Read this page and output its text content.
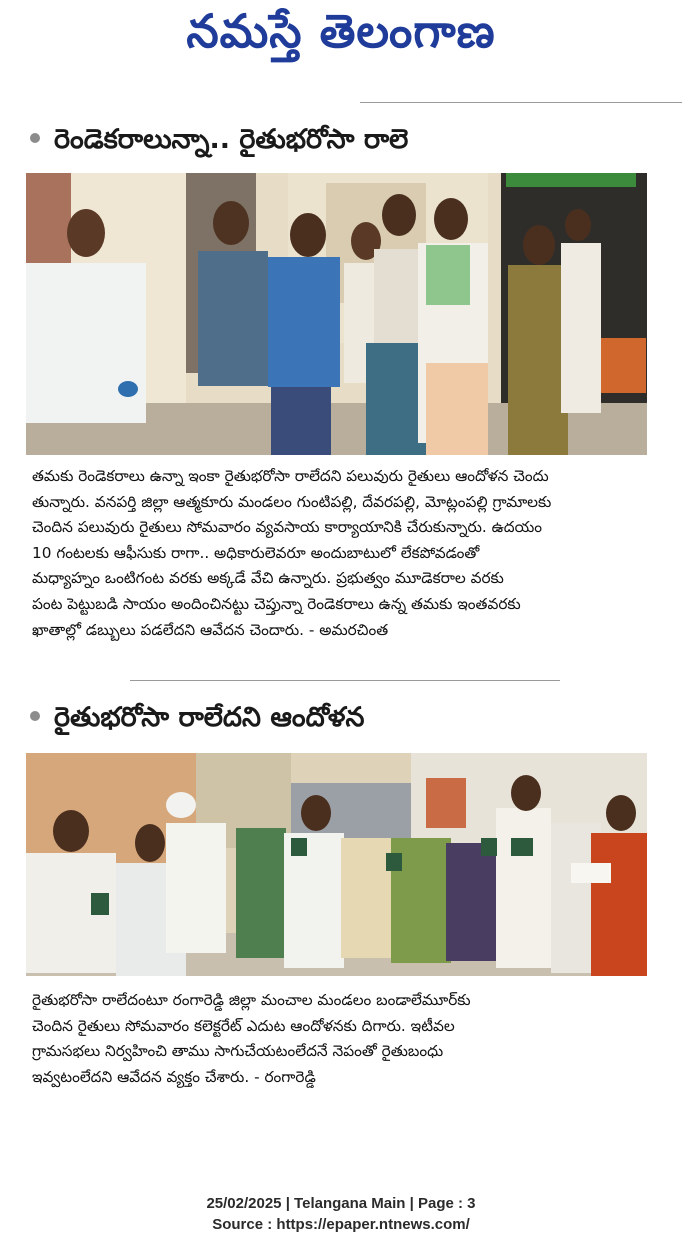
నమస్తే తెలంగాణ
రెండెకరాలున్నా.. రైతుభరోసా రాలె

తమకు రెండెకరాలు ఉన్నా ఇంకా రైతుభరోసా రాలేదని పలువురు రైతులు ఆందోళన చెందు

తున్నారు. వనపర్తి జిల్లా ఆత్మకూరు మండలం గుంటిపల్లి, దేవరపల్లి, మోట్లంపల్లి గ్రామాలకు

చెందిన పలువురు రైతులు సోమవారం వ్యవసాయ కార్యాయానికి చేరుకున్నారు. ఉదయం

10 గంటలకు ఆఫీసుకు రాగా.. అధికారులెవరూ అందుబాటులో లేకపోవడంతో

మధ్యాహ్నం ఒంటిగంట వరకు అక్కడే వేచి ఉన్నారు. ప్రభుత్వం మూడెకరాల వరకు

పంట పెట్టుబడి సాయం అందించినట్టు చెప్తున్నా రెండెకరాలు ఉన్న తమకు ఇంతవరకు

ఖాతాల్లో డబ్బులు పడలేదని ఆవేదన చెందారు. - అమరచింత

రైతుభరోసా రాలేదని ఆందోళన

రైతుభరోసా రాలేదంటూ రంగారెడ్డి జిల్లా మంచాల మండలం బండాలేమూర్‌కు

చెందిన రైతులు సోమవారం కలెక్టరేట్ ఎదుట ఆందోళనకు దిగారు. ఇటీవల

గ్రామసభలు నిర్వహించి తాము సాగుచేయటంలేదనే నెపంతో రైతుబంధు

ఇవ్వటంలేదని ఆవేదన వ్యక్తం చేశారు. - రంగారెడ్డి

25/02/2025 | Telangana Main | Page : 3
Source : https://epaper.ntnews.com/
